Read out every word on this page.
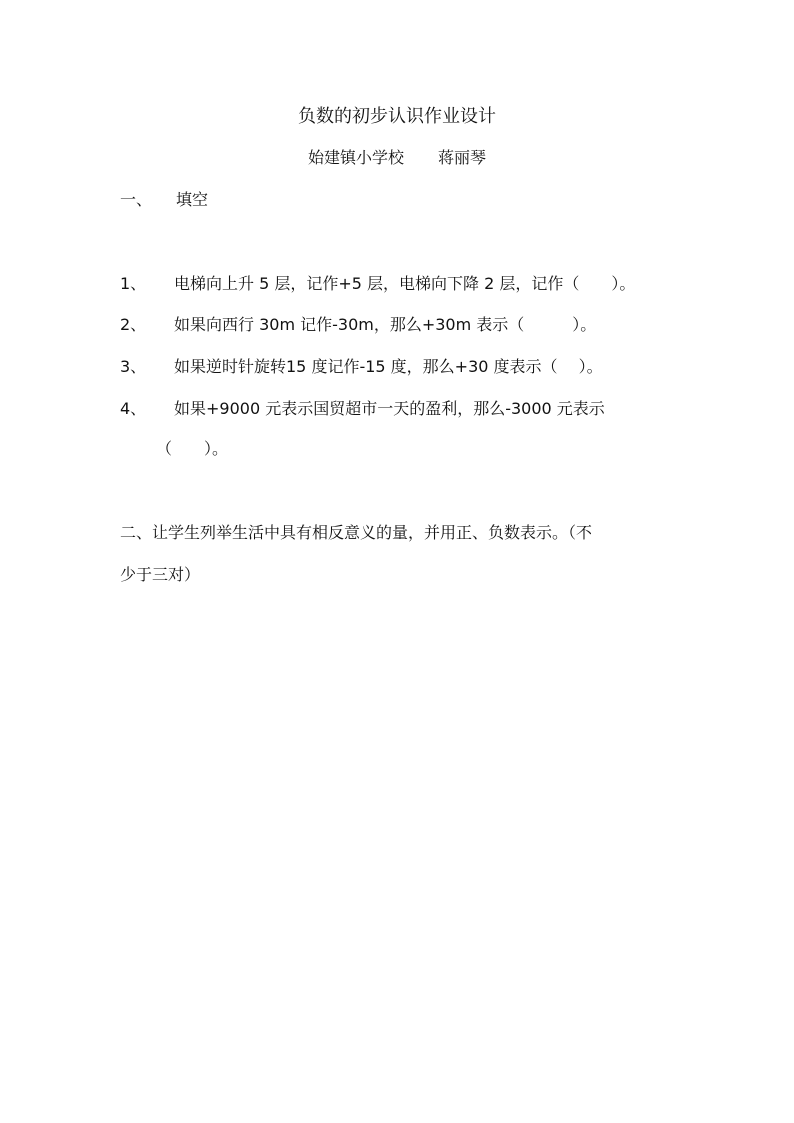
负数的初步认识作业设计
始建镇小学校 蒋丽琴
一、 填空
1、 电梯向上升 5 层，记作+5 层，电梯向下降 2 层，记作（　　）。
2、 如果向西行 30m 记作-30m，那么+30m 表示（　　　）。
3、 如果逆时针旋转15 度记作-15 度，那么+30 度表示（　 ）。
4、 如果+9000 元表示国贸超市一天的盈利，那么-3000 元表示
（　　）。
二、让学生列举生活中具有相反意义的量，并用正、负数表示。（不
少于三对）
